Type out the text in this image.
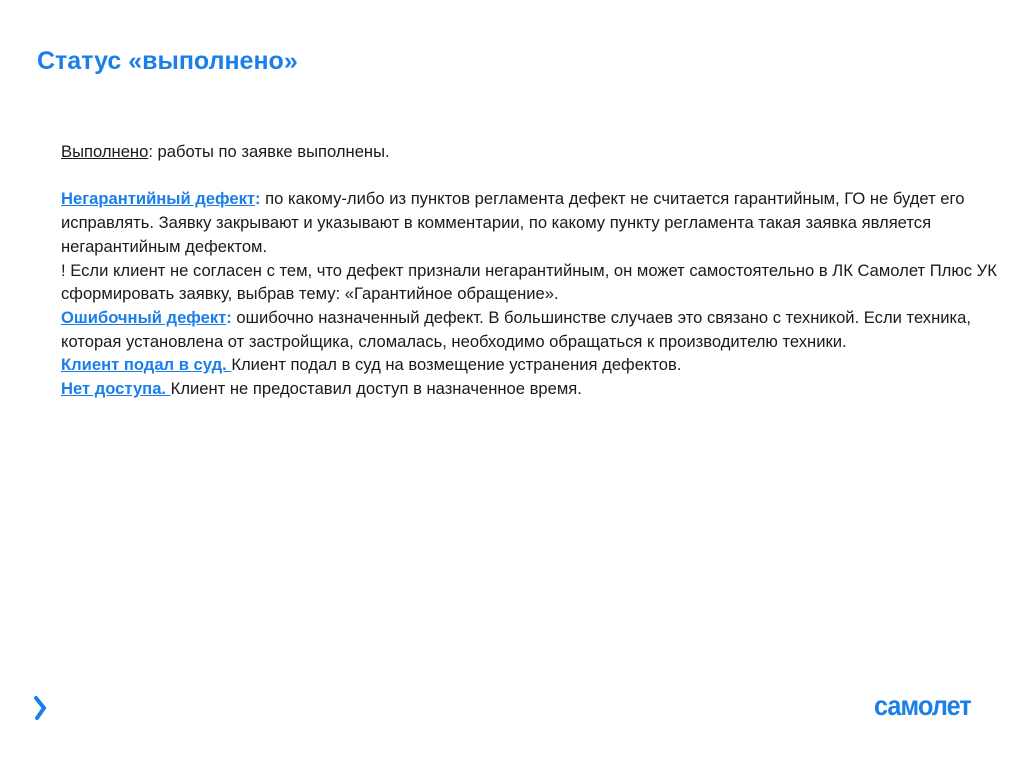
Статус «выполнено»

Выполнено: работы по заявке выполнены.

Негарантийный дефект: по какому-либо из пунктов регламента дефект не считается гарантийным, ГО не будет его исправлять. Заявку закрывают и указывают в комментарии, по какому пункту регламента такая заявка является негарантийным дефектом.

! Если клиент не согласен с тем, что дефект признали негарантийным, он может самостоятельно в ЛК Самолет Плюс УК сформировать заявку, выбрав тему: «Гарантийное обращение».

Ошибочный дефект: ошибочно назначенный дефект. В большинстве случаев это связано с техникой. Если техника, которая установлена от застройщика, сломалась, необходимо обращаться к производителю техники.

Клиент подал в суд. Клиент подал в суд на возмещение устранения дефектов.

Нет доступа. Клиент не предоставил доступ в назначенное время.

самолет
